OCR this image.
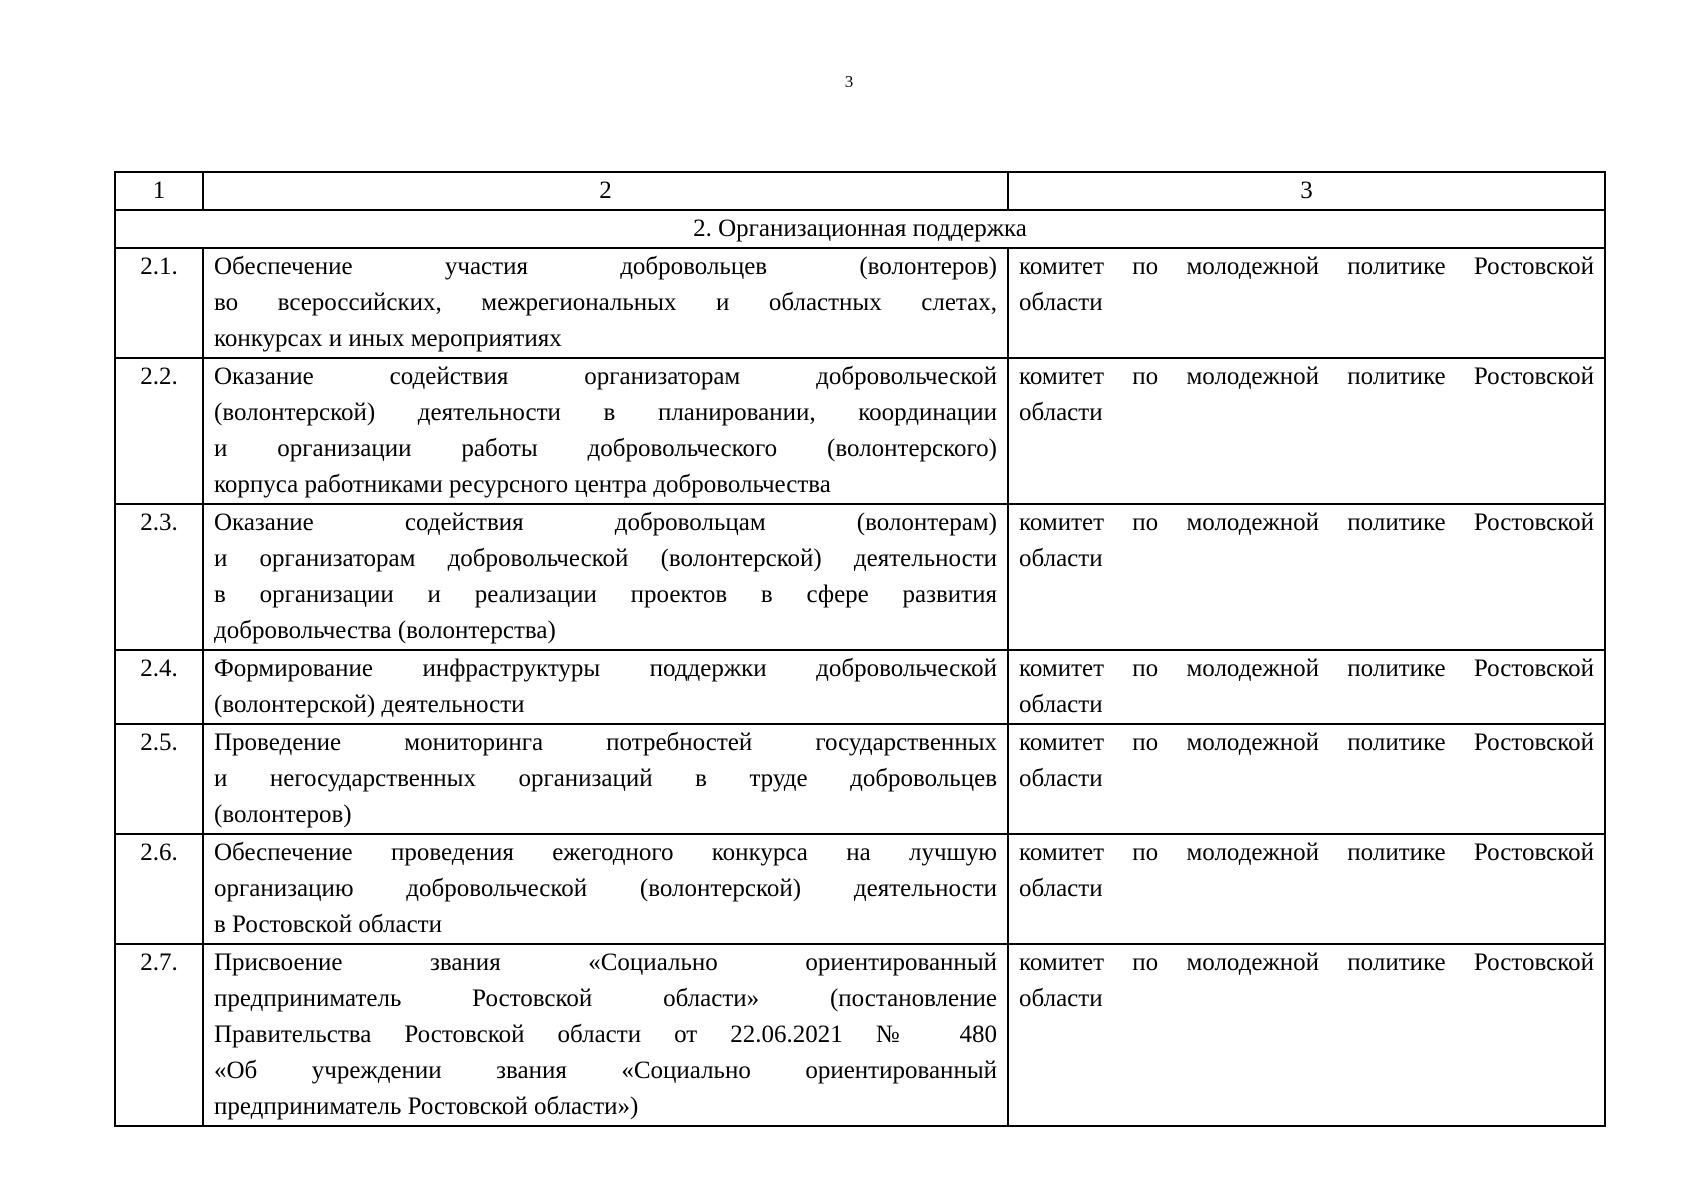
3
1	2	3
2. Организационная поддержка		
2.1.	Обеспечение участия добровольцев (волонтеров)
во всероссийских, межрегиональных и областных слетах,
конкурсах и иных мероприятиях	комитет по молодежной политике Ростовской области
2.2.	Оказание содействия организаторам добровольческой
(волонтерской) деятельности в планировании, координации
и организации работы добровольческого (волонтерского)
корпуса работниками ресурсного центра добровольчества	комитет по молодежной политике Ростовской области
2.3.	Оказание содействия добровольцам (волонтерам)
и организаторам добровольческой (волонтерской) деятельности
в организации и реализации проектов в сфере развития
добровольчества (волонтерства)	комитет по молодежной политике Ростовской области
2.4.	Формирование инфраструктуры поддержки добровольческой
(волонтерской) деятельности	комитет по молодежной политике Ростовской области
2.5.	Проведение мониторинга потребностей государственных
и негосударственных организаций в труде добровольцев
(волонтеров)	комитет по молодежной политике Ростовской области
2.6.	Обеспечение проведения ежегодного конкурса на лучшую
организацию добровольческой (волонтерской) деятельности
в Ростовской области	комитет по молодежной политике Ростовской области
2.7.	Присвоение звания «Социально ориентированный
предприниматель Ростовской области» (постановление
Правительства Ростовской области от 22.06.2021 № 480
«Об учреждении звания «Социально ориентированный
предприниматель Ростовской области»)	комитет по молодежной политике Ростовской области
